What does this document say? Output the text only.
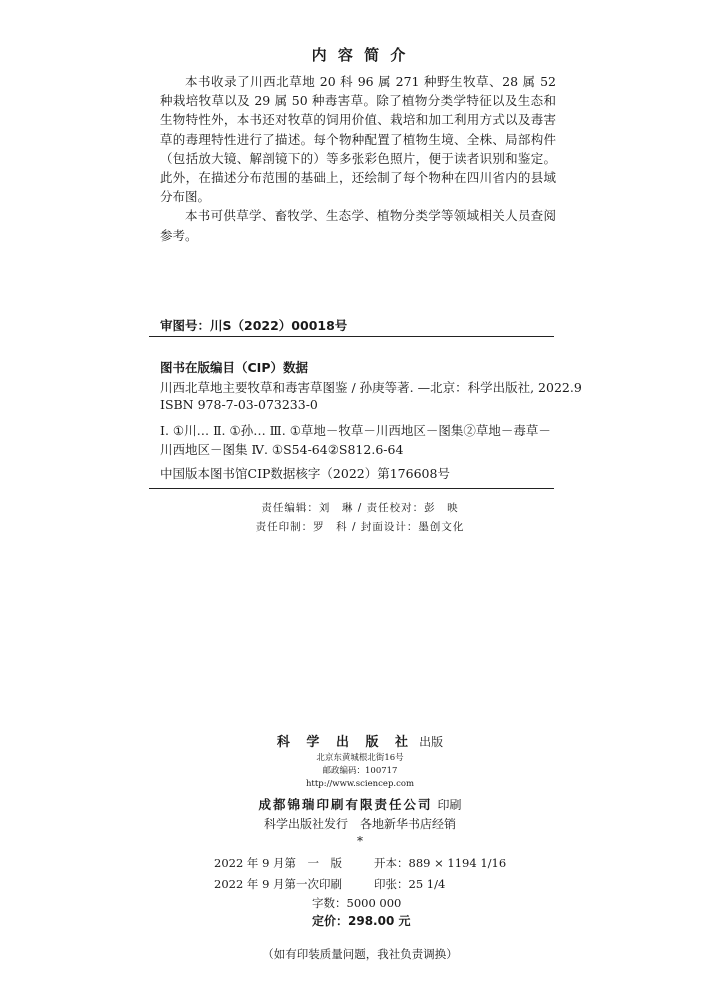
内 容 简 介

本书收录了川西北草地 20 科 96 属 271 种野生牧草、28 属 52 种栽培牧草以及 29 属 50 种毒害草。除了植物分类学特征以及生态和生物特性外，本书还对牧草的饲用价值、栽培和加工利用方式以及毒害草的毒理特性进行了描述。每个物种配置了植物生境、全株、局部构件（包括放大镜、解剖镜下的）等多张彩色照片，便于读者识别和鉴定。此外，在描述分布范围的基础上，还绘制了每个物种在四川省内的县域分布图。

本书可供草学、畜牧学、生态学、植物分类学等领域相关人员查阅参考。

审图号：川S（2022）00018号
图书在版编目（CIP）数据
川西北草地主要牧草和毒害草图鉴 / 孙庚等著. —北京：科学出版社, 2022.9
ISBN 978-7-03-073233-0
Ⅰ. ①川… Ⅱ. ①孙… Ⅲ. ①草地－牧草－川西地区－图集②草地－毒草－
川西地区－图集 Ⅳ. ①S54-64②S812.6-64
中国版本图书馆CIP数据核字（2022）第176608号
责任编辑：刘　琳 / 责任校对：彭　映
责任印制：罗　科 / 封面设计：墨创文化
科 学 出 版 社 出版
北京东黄城根北街16号
邮政编码：100717
http://www.sciencep.com
成都锦瑞印刷有限责任公司 印刷
科学出版社发行　各地新华书店经销
*
2022 年 9 月第　一　版	开本：889 × 1194 1/16
2022 年 9 月第一次印刷	印张：25 1/4
字数：5000 000
定价：298.00 元
（如有印装质量问题，我社负责调换）
